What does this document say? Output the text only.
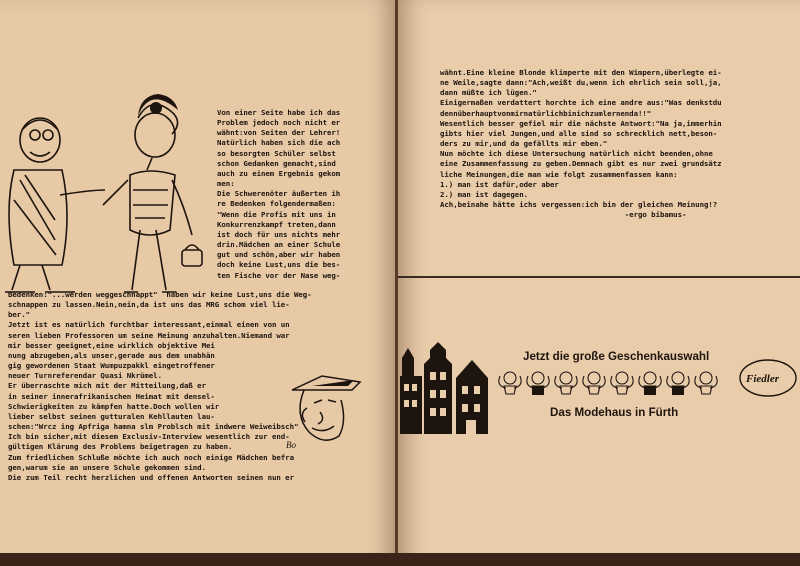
Von einer Seite habe ich das
Problem jedoch noch nicht er
wähnt:von Seiten der Lehrer!
Natürlich haben sich die ach
so besorgten Schüler selbst
schon Gedanken gemacht,sind
auch zu einem Ergebnis gekom
men:
Die Schwerenöter äußerten ih
re Bedenken folgendermaßen:
"Wenn die Profis mit uns in
Konkurrenzkampf treten,dann
ist doch für uns nichts mehr
drin.Mädchen an einer Schule
gut und schön,aber wir haben
doch keine Lust,uns die bes-
ten Fische vor der Nase weg-
Bedenken:"...werden weggeschnappt"  haben wir keine Lust,uns die Weg-
schnappen zu lassen.Nein,nein,da ist uns das MRG schom viel lie-
ber."
Jetzt ist es natürlich furchtbar interessant,einmal einen von un
seren lieben Professoren um seine Meinung anzuhalten.Niemand war
mir besser geeignet,eine wirklich objektive Mei
nung abzugeben,als unser,gerade aus dem unabhän
gig gewordenen Staat Wumpuzpakkl eingetroffener
neuer Turnreferendar Quasi Nkrümel.
Er überraschte mich mit der Mitteilung,daß er
in seiner innerafrikanischen Heimat mit densel-
Schwierigkeiten zu kämpfen hatte.Doch wollen wir
lieber selbst seinen gutturalen Kehllauten lau-
schen:"Wrcz ing Apfriga hamna slm Problsch mit indwere Weiweibsch"
Ich bin sicher,mit diesem Exclusiv-Interview wesentlich zur end-
gültigen Klärung des Problems beigetragen zu haben.
Zum friedlichen Schluße möchte ich auch noch einige Mädchen befra
gen,warum sie an unsere Schule gekommen sind.
Die zum Teil recht herzlichen und offenen Antworten seinen nun er
Bo
wähnt.Eine kleine Blonde klimperte mit den Wimpern,überlegte ei-
ne Weile,sagte dann:"Ach,weißt du,wenn ich ehrlich sein soll,ja,
dann müßte ich lügen."
Einigermaßen verdattert horchte ich eine andre aus:"Was denkstdu
dennüberhauptvonmirnatürlichbinichzumlernenda!!"
Wesentlich besser gefiel mir die nächste Antwort:"Na ja,immerhin
gibts hier viel Jungen,und alle sind so schrecklich nett,beson-
ders zu mir,und da gefällts mir eben."
Nun möchte ich diese Untersuchung natürlich nicht beenden,ohne
eine Zusammenfassung zu geben.Demnach gibt es nur zwei grundsätz
liche Meinungen,die man wie folgt zusammenfassen kann:
1.) man ist dafür,oder aber
2.) man ist dagegen.
Ach,beinahe hätte ichs vergessen:ich bin der gleichen Meinung!?
-ergo bibamus-
Jetzt die große Geschenkauswahl
Fiedler
Das Modehaus in Fürth
